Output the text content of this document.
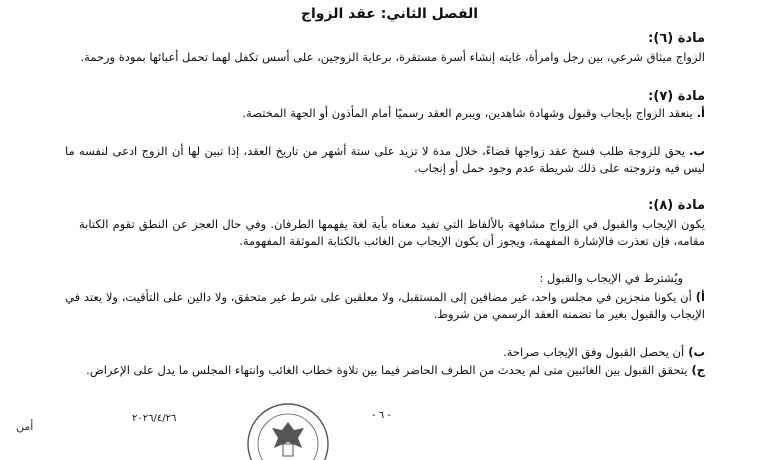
الفصل الثاني: عقد الزواج
مادة (٦):
الزواج ميثاق شرعي، بين رجل وامرأة، غايته إنشاء أسرة مستقرة، برعاية الزوجين، على أسس تكفل لهما تحمل أعبائها بمودة ورحمة.
مادة (٧):
أ.ينعقد الزواج بإيجاب وقبول وشهادة شاهدين، ويبرم العقد رسميًا أمام المأذون أو الجهة المختصة.
ب.يحق للزوجة طلب فسخ عقد زواجها قضاءً، خلال مدة لا تزيد على ستة أشهر من تاريخ العقد، إذا تبين لها أن الزوج ادعى لنفسه ما ليس فيه وتزوجته على ذلك شريطة عدم وجود حمل أو إنجاب.
مادة (٨):
يكون الإيجاب والقبول في الزواج مشافهة بالألفاظ التي تفيد معناه بأية لغة يفهمها الطرفان. وفي حال العجز عن النطق تقوم الكتابة مقامه، فإن تعذرت فالإشارة المفهمة، ويجوز أن يكون الإيجاب من الغائب بالكتابة الموثقة المفهومة.
ويُشترط في الإيجاب والقبول :
أ)أن يكونا منجزين في مجلس واحد، غير مضافين إلى المستقبل، ولا معلقين على شرط غير متحقق، ولا دالين على التأقيت، ولا يعتد في الإيجاب والقبول بغير ما تضمنه العقد الرسمي من شروط.
ب)أن يحصل القبول وفق الإيجاب صراحة.
ج)يتحقق القبول بين الغائبين متى لم يحدث من الطرف الحاضر فيما بين تلاوة خطاب الغائب وانتهاء المجلس ما يدل على الإعراض.
٢٠٢٦/٤/٢٦	- ٦ -
أمن
